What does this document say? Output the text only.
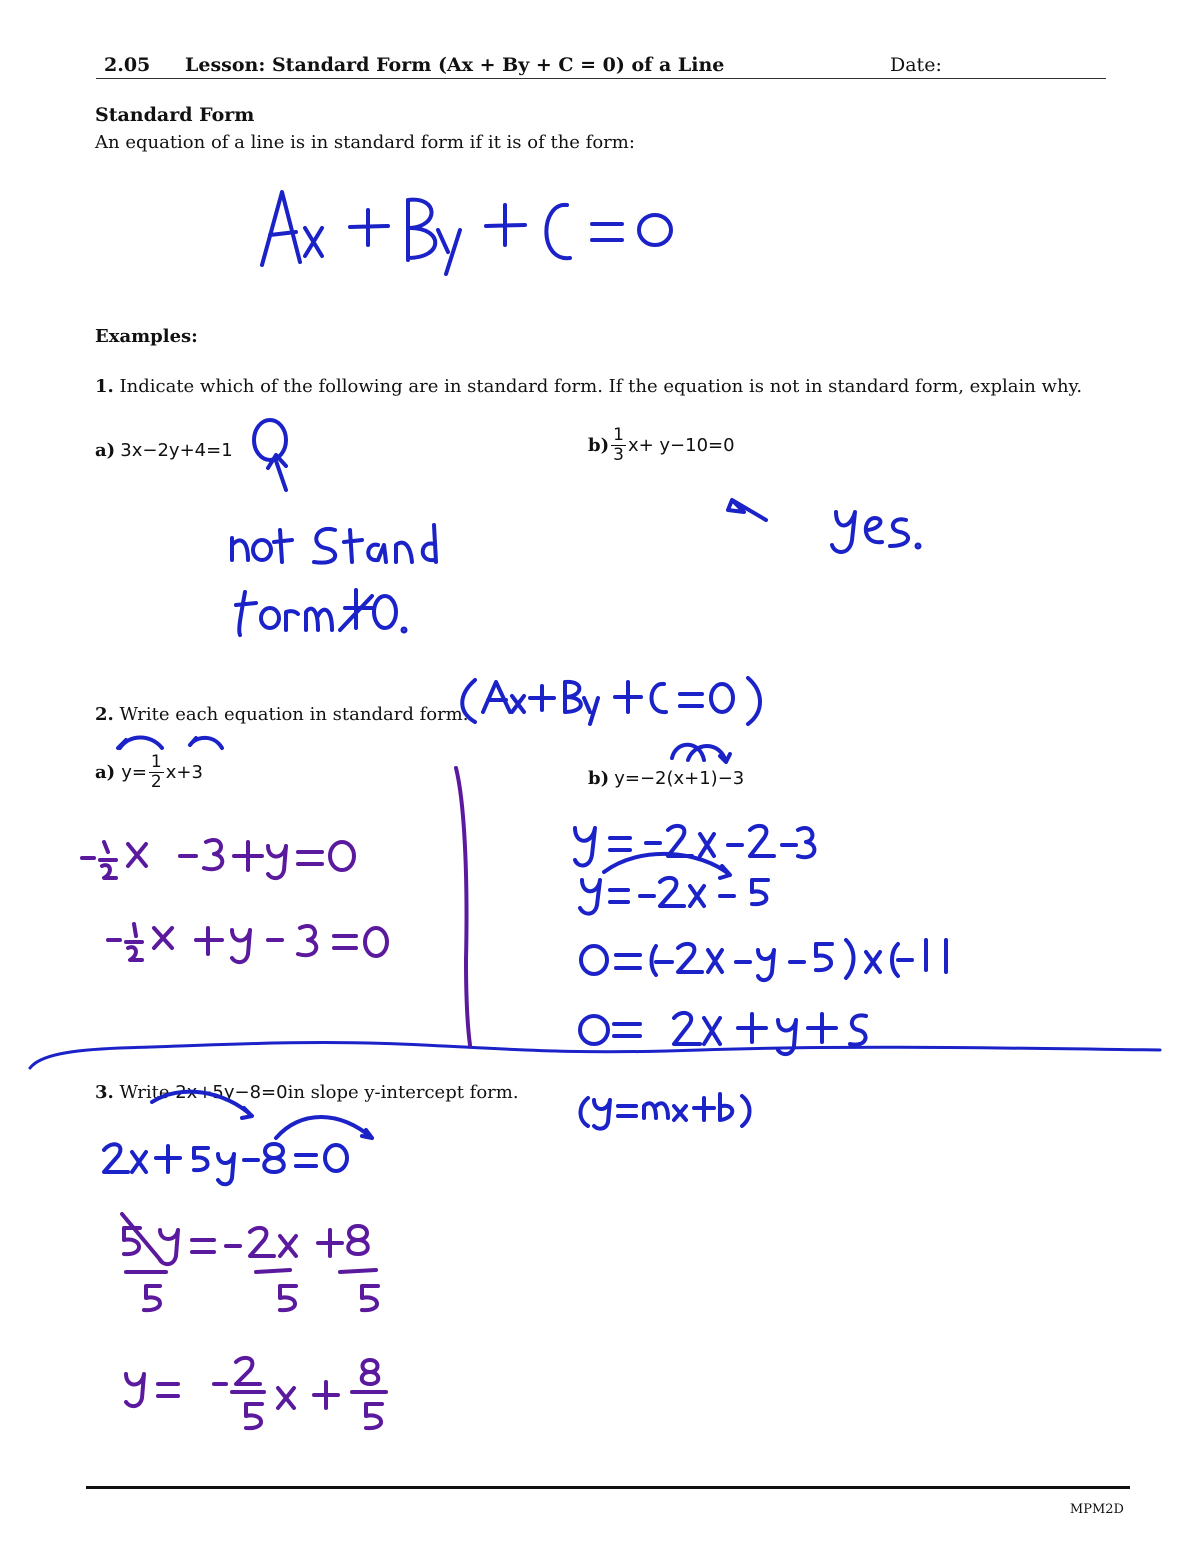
2.05 Lesson: Standard Form (Ax + By + C = 0) of a Line	Date:
Standard Form
An equation of a line is in standard form if it is of the form:
Examples:
1. Indicate which of the following are in standard form. If the equation is not in standard form, explain why.
a) 3x−2y+4=1	$b) \frac{1}{3} x+ y-10=0$
2. Write each equation in standard form.
a) $y= \frac{1}{2} x+3$	b) y=−2(x+1)−3
3. Write 2x+5y−8=0in slope y-intercept form.
MPM2D
